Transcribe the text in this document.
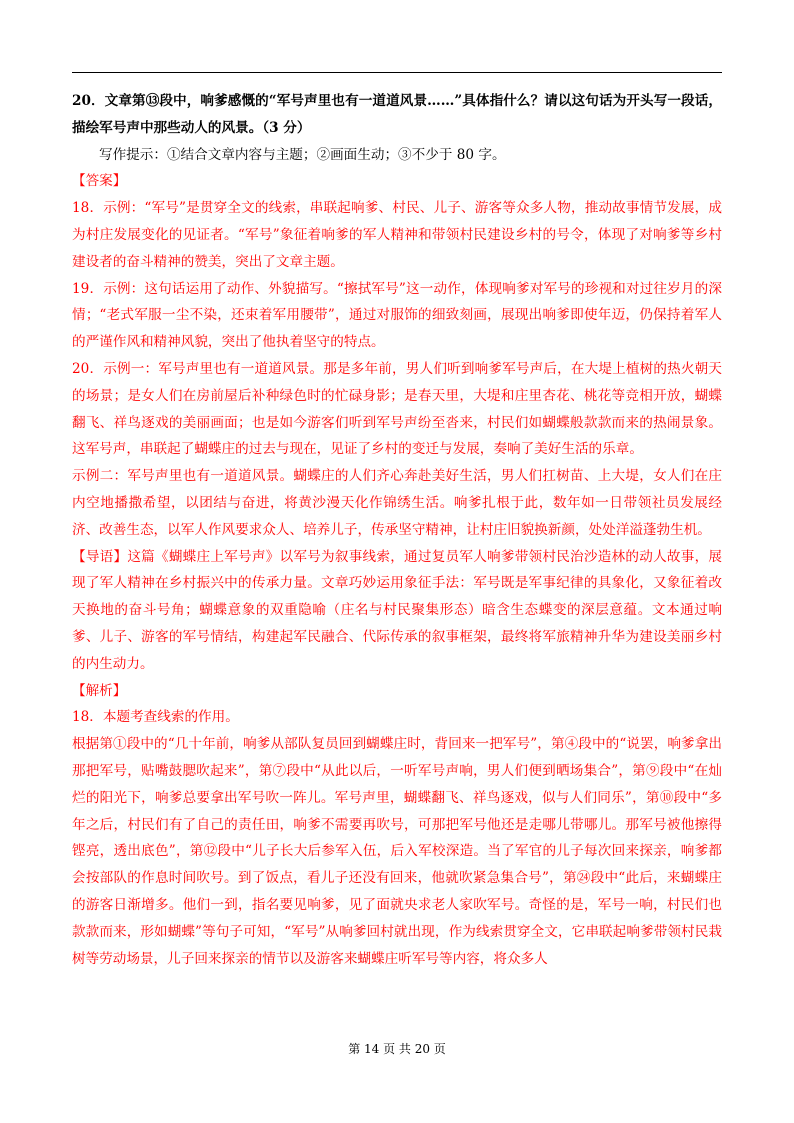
20．文章第⑬段中，响爹感慨的“军号声里也有一道道风景……”具体指什么？请以这句话为开头写一段话，描绘军号声中那些动人的风景。（3 分）

写作提示：①结合文章内容与主题；②画面生动；③不少于 80 字。

【答案】

18．示例：“军号”是贯穿全文的线索，串联起响爹、村民、儿子、游客等众多人物，推动故事情节发展，成为村庄发展变化的见证者。“军号”象征着响爹的军人精神和带领村民建设乡村的号令，体现了对响爹等乡村建设者的奋斗精神的赞美，突出了文章主题。

19．示例：这句话运用了动作、外貌描写。“擦拭军号”这一动作，体现响爹对军号的珍视和对过往岁月的深情；“老式军服一尘不染，还束着军用腰带”，通过对服饰的细致刻画，展现出响爹即使年迈，仍保持着军人的严谨作风和精神风貌，突出了他执着坚守的特点。

20．示例一：军号声里也有一道道风景。那是多年前，男人们听到响爹军号声后，在大堤上植树的热火朝天的场景；是女人们在房前屋后补种绿色时的忙碌身影；是春天里，大堤和庄里杏花、桃花等竞相开放，蝴蝶翻飞、祥鸟逐戏的美丽画面；也是如今游客们听到军号声纷至沓来，村民们如蝴蝶般款款而来的热闹景象。这军号声，串联起了蝴蝶庄的过去与现在，见证了乡村的变迁与发展，奏响了美好生活的乐章。

示例二：军号声里也有一道道风景。蝴蝶庄的人们齐心奔赴美好生活，男人们扛树苗、上大堤，女人们在庄内空地播撒希望，以团结与奋进，将黄沙漫天化作锦绣生活。响爹扎根于此，数年如一日带领社员发展经济、改善生态，以军人作风要求众人、培养儿子，传承坚守精神，让村庄旧貌换新颜，处处洋溢蓬勃生机。

【导语】这篇《蝴蝶庄上军号声》以军号为叙事线索，通过复员军人响爹带领村民治沙造林的动人故事，展现了军人精神在乡村振兴中的传承力量。文章巧妙运用象征手法：军号既是军事纪律的具象化，又象征着改天换地的奋斗号角；蝴蝶意象的双重隐喻（庄名与村民聚集形态）暗含生态蝶变的深层意蕴。文本通过响爹、儿子、游客的军号情结，构建起军民融合、代际传承的叙事框架，最终将军旅精神升华为建设美丽乡村的内生动力。

【解析】

18．本题考查线索的作用。

根据第①段中的“几十年前，响爹从部队复员回到蝴蝶庄时，背回来一把军号”，第④段中的“说罢，响爹拿出那把军号，贴嘴鼓腮吹起来”，第⑦段中“从此以后，一听军号声响，男人们便到晒场集合”，第⑨段中“在灿烂的阳光下，响爹总要拿出军号吹一阵儿。军号声里，蝴蝶翻飞、祥鸟逐戏，似与人们同乐”，第⑩段中“多年之后，村民们有了自己的责任田，响爹不需要再吹号，可那把军号他还是走哪儿带哪儿。那军号被他擦得铿亮，透出底色”，第⑫段中“儿子长大后参军入伍，后入军校深造。当了军官的儿子每次回来探亲，响爹都会按部队的作息时间吹号。到了饭点，看儿子还没有回来，他就吹紧急集合号”，第㉔段中“此后，来蝴蝶庄的游客日渐增多。他们一到，指名要见响爹，见了面就央求老人家吹军号。奇怪的是，军号一响，村民们也款款而来，形如蝴蝶”等句子可知，“军号”从响爹回村就出现，作为线索贯穿全文，它串联起响爹带领村民栽树等劳动场景，儿子回来探亲的情节以及游客来蝴蝶庄听军号等内容，将众多人

第 14 页 共 20 页
